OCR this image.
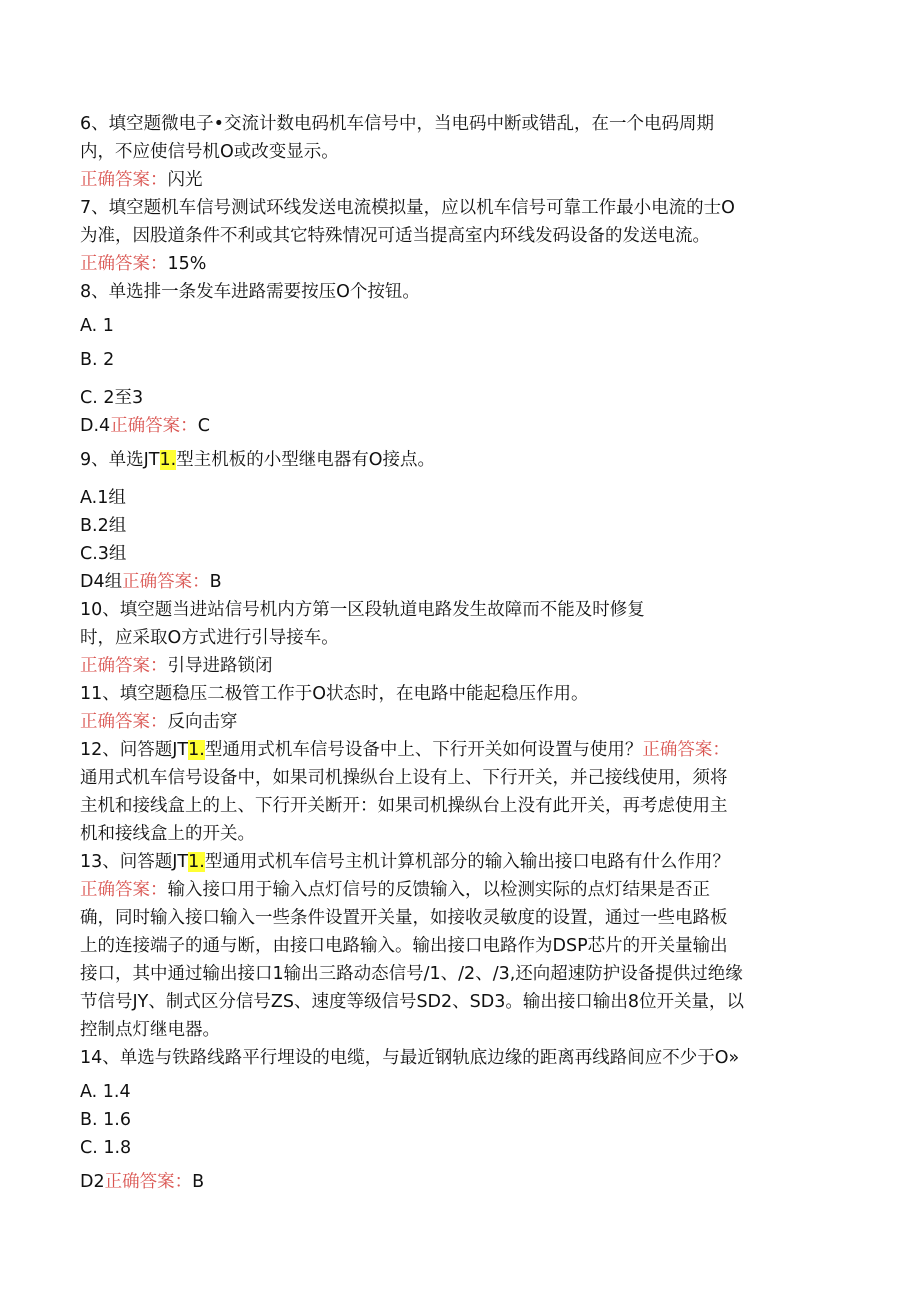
6、填空题微电子•交流计数电码机车信号中，当电码中断或错乱，在一个电码周期
内，不应使信号机O或改变显示。
正确答案：闪光
7、填空题机车信号测试环线发送电流模拟量，应以机车信号可靠工作最小电流的士O
为准，因股道条件不利或其它特殊情况可适当提高室内环线发码设备的发送电流。
正确答案：15%
8、单选排一条发车进路需要按压O个按钮。
A. 1
B. 2
C. 2至3
D.4正确答案：C
9、单选JT1.型主机板的小型继电器有O接点。
A.1组
B.2组
C.3组
D4组正确答案：B
10、填空题当进站信号机内方第一区段轨道电路发生故障而不能及时修复
时，应采取O方式进行引导接车。
正确答案：引导进路锁闭
11、填空题稳压二极管工作于O状态时，在电路中能起稳压作用。
正确答案：反向击穿
12、问答题JT1.型通用式机车信号设备中上、下行开关如何设置与使用？正确答案：
通用式机车信号设备中，如果司机操纵台上设有上、下行开关，并己接线使用，须将
主机和接线盒上的上、下行开关断开：如果司机操纵台上没有此开关，再考虑使用主
机和接线盒上的开关。
13、问答题JT1.型通用式机车信号主机计算机部分的输入输出接口电路有什么作用？
正确答案：输入接口用于输入点灯信号的反馈输入，以检测实际的点灯结果是否正
确，同时输入接口输入一些条件设置开关量，如接收灵敏度的设置，通过一些电路板
上的连接端子的通与断，由接口电路输入。输出接口电路作为DSP芯片的开关量输出
接口，其中通过输出接口1输出三路动态信号/1、/2、/3,还向超速防护设备提供过绝缘
节信号JY、制式区分信号ZS、速度等级信号SD2、SD3。输出接口输出8位开关量，以
控制点灯继电器。
14、单选与铁路线路平行埋设的电缆，与最近钢轨底边缘的距离再线路间应不少于O»
A. 1.4
B. 1.6
C. 1.8
D2正确答案：B
